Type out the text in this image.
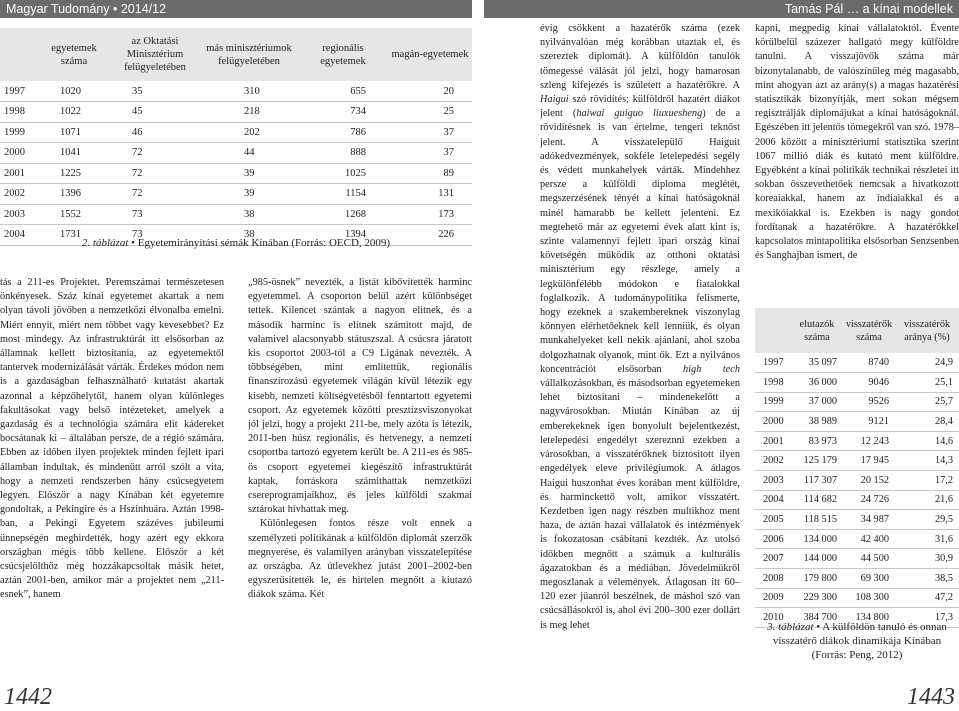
Magyar Tudomány • 2014/12	Tamás Pál … a kínai modellek
	egyetemek száma	az Oktatási Minisztérium felügyeletében	más minisztériumok felügyeletében	regionális egyetemek	magán-egyetemek
1997	1020	35	310	655	20
1998	1022	45	218	734	25
1999	1071	46	202	786	37
2000	1041	72	44	888	37
2001	1225	72	39	1025	89
2002	1396	72	39	1154	131
2003	1552	73	38	1268	173
2004	1731	73	38	1394	226
2. táblázat • Egyetemirányítási sémák Kínában (Forrás: OECD, 2009)

tás a 211-es Projektet. Peremszámai természetesen önkényesek. Száz kínai egyetemet akartak a nem olyan távoli jövőben a nemzetközi élvonalba emelni. Miért ennyit, miért nem többet vagy kevesebbet? Ez most mindegy. Az infrastruktúrát itt elsősorban az államnak kellett biztosítania, az egyetemektől tantervek modernizálását várták. Érdekes módon nem is a gazdaságban felhasználható kutatást akartak azonnal a képzőhelytől, hanem olyan különleges fakultásokat vagy belső intézeteket, amelyek a gazdaság és a technológia számára elit kádereket bocsátanak ki – általában persze, de a régió számára. Ebben az időben ilyen projektek minden fejlett ipari államban indultak, és mindenütt arról szólt a vita, hogy a nemzeti rendszerben hány csúcsegyetem legyen. Először a nagy Kínában két egyetemre gondoltak, a Pekingire és a Hszinhuára. Aztán 1998-ban, a Pekingi Egyetem százéves jubileumi ünnepségén meghirdették, hogy azért egy ekkora országban mégis több kellene. Először a két csúcsjelölthöz még hozzákapcsoltak másik hetet, aztán 2001-ben, amikor már a projektet nem „211-esnek”, hanem

„985-ösnek” nevezték, a listát kibővítették harminc egyetemmel. A csoporton belül azért különbséget tettek. Kilencet szántak a nagyon elitnek, és a második harminc is elitnek számított majd, de valamivel alacsonyabb státuszszal. A csúcsra járatott kis csoportot 2003-tól a C9 Ligának nevezték. A többségében, mint említettük, regionális finanszírozású egyetemek világán kívül létezik egy kisebb, nemzeti költségvetésből fenntartott egyetemi csoport. Az egyetemek közötti presztízsviszonyokat jól jelzi, hogy a projekt 211-be, mely azóta is létezik, 2011-ben húsz regionális, és hetvenegy, a nemzeti csoportba tartozó egyetem került be. A 211-es és 985-ös csoport egyetemei kiegészítő infrastruktúrát kaptak, forráskora számíthattak nemzetközi csereprogramjaikhoz, és jeles külföldi szakmai sztárokat hívhattak meg.

Különlegesen fontos része volt ennek a személyzeti politikának a külföldön diplomát szerzők megnyerése, és valamilyen arányban visszatelepítése az országba. Az útlevekhez jutást 2001–2002-ben egyszerűsítették le, és hirtelen megnőtt a kiutazó diákok száma. Két

évig csökkent a hazatérők száma (ezek nyilvánvalóan még korábban utaztak el, és szereztek diplomát). A külföldön tanulók tömegessé válását jól jelzi, hogy hamarosan szleng kifejezés is született a hazatérőkre. A Haigui szó rövidítés; külföldről hazatért diákot jelent (haiwai guiguo liuxuesheng) de a rövidítésnek is van értelme, tengeri teknőst jelent. A visszatelepülő Haiguit adókedvezmények, sokféle letelepedési segély és védett munkahelyek várták. Mindehhez persze a külföldi diploma meglétét, megszerzésének tényét a kínai hatóságoknál minél hamarabb be kellett jelenteni. Ez megtehető már az egyetemi évek alatt kint is, szinte valamennyi fejlett ipari ország kínai követségén működik az otthoni oktatási minisztérium egy részlege, amely a legkülönfélébb módokon e fiatalokkal foglalkozik. A tudománypolitika felismerte, hogy ezeknek a szakembereknek viszonylag könnyen elérhetőeknek kell lenniük, és olyan munkahelyeket kell nekik ajánlani, ahol szoba dolgozhatnak olyanok, mint ők. Ezt a nyilvános koncentrációt elsősorban high tech vállalkozásokban, és másodsorban egyetemeken lehet biztosítani – mindenekelőtt a nagyvárosokban. Miután Kínában az új emberekeknek igen bonyolult bejelentkezést, letelepedési engedélyt szereznni ezekben a városokban, a visszatérőknek biztosított ilyen engedélyek eleve privilégiumok. A átlagos Haigui huszonhat éves korában ment külföldre, és harminckettő volt, amikor visszatért. Kezdetben igen nagy részben multikhoz ment haza, de aztán hazai vállalatok és intézmények is fokozatosan csábítani kezdték. Az utolsó időkben megnőtt a számuk a kulturális ágazatokban és a médiában. Jövedelmükről megoszlanak a vélemények. Átlagosan itt 60–120 ezer jüanról beszélnek, de máshol szó van csúcsállásokról is, ahol évi 200–300 ezer dollárt is meg lehet

kapni, megpedig kínai vállalatoktól. Évente körülbelül százezer hallgató megy külföldre tanulni. A visszajövők száma már bizonytalanabb, de valószínűleg még magasabb, mint ahogyan azt az arány(s) a magas hazatérési statisztikák bizonyítják, mert sokan mégsem regisztrálják diplomájukat a kínai hatóságoknál. Egészében itt jelentős tömegekről van szó. 1978–2006 között a minisztériumi statisztika szerint 1067 millió diák és kutató ment külföldre. Egyébként a kínai politikák technikai részletei itt sokban összevethetőek nemcsak a hivatkozott koreaiakkal, hanem az indiaiakkal és a mexikóiakkal is. Ezekben is nagy gondot fordítanak a hazatérőkre. A hazatérőkkel kapcsolatos mintapolitika elsősorban Senzsenben és Sanghajban ismert, de

	elutazók száma	visszatérők száma	visszatérők aránya (%)
1997	35 097	8740	24,9
1998	36 000	9046	25,1
1999	37 000	9526	25,7
2000	38 989	9121	28,4
2001	83 973	12 243	14,6
2002	125 179	17 945	14,3
2003	117 307	20 152	17,2
2004	114 682	24 726	21,6
2005	118 515	34 987	29,5
2006	134 000	42 400	31,6
2007	144 000	44 500	30,9
2008	179 800	69 300	38,5
2009	229 300	108 300	47,2
2010	384 700	134 800	17,3
3. táblázat • A külföldön tanuló és onnan visszatérő diákok dinamikája Kínában (Forrás: Peng, 2012)
1442	1443
